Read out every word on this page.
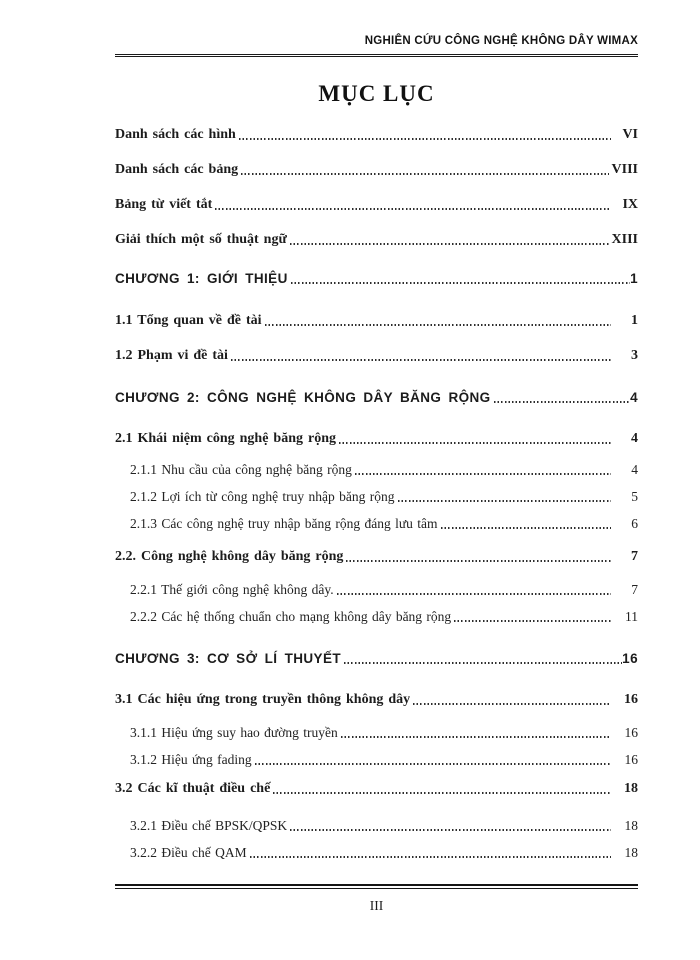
NGHIÊN CỨU CÔNG NGHỆ KHÔNG DÂY WIMAX
MỤC LỤC
Danh sách các hình	VI
Danh sách các bảng	VIII
Bảng từ viết tắt	IX
Giải thích một số thuật ngữ	XIII
CHƯƠNG 1: GIỚI THIỆU	1
1.1 Tổng quan về đề tài	1
1.2 Phạm vi đề tài	3
CHƯƠNG 2: CÔNG NGHỆ KHÔNG DÂY BĂNG RỘNG	4
2.1 Khái niệm công nghệ băng rộng	4
2.1.1 Nhu cầu của công nghệ băng rộng	4
2.1.2 Lợi ích từ công nghệ truy nhập băng rộng	5
2.1.3 Các công nghệ truy nhập băng rộng đáng lưu tâm	6
2.2. Công nghệ không dây băng rộng	7
2.2.1 Thế giới công nghệ không dây.	7
2.2.2 Các hệ thống chuẩn cho mạng không dây băng rộng	11
CHƯƠNG 3: CƠ SỞ LÍ THUYẾT	16
3.1 Các hiệu ứng trong truyền thông không dây	16
3.1.1 Hiệu ứng suy hao đường truyền	16
3.1.2 Hiệu ứng fading	16
3.2 Các kĩ thuật điều chế	18
3.2.1 Điều chế BPSK/QPSK	18
3.2.2 Điều chế QAM	18
III
